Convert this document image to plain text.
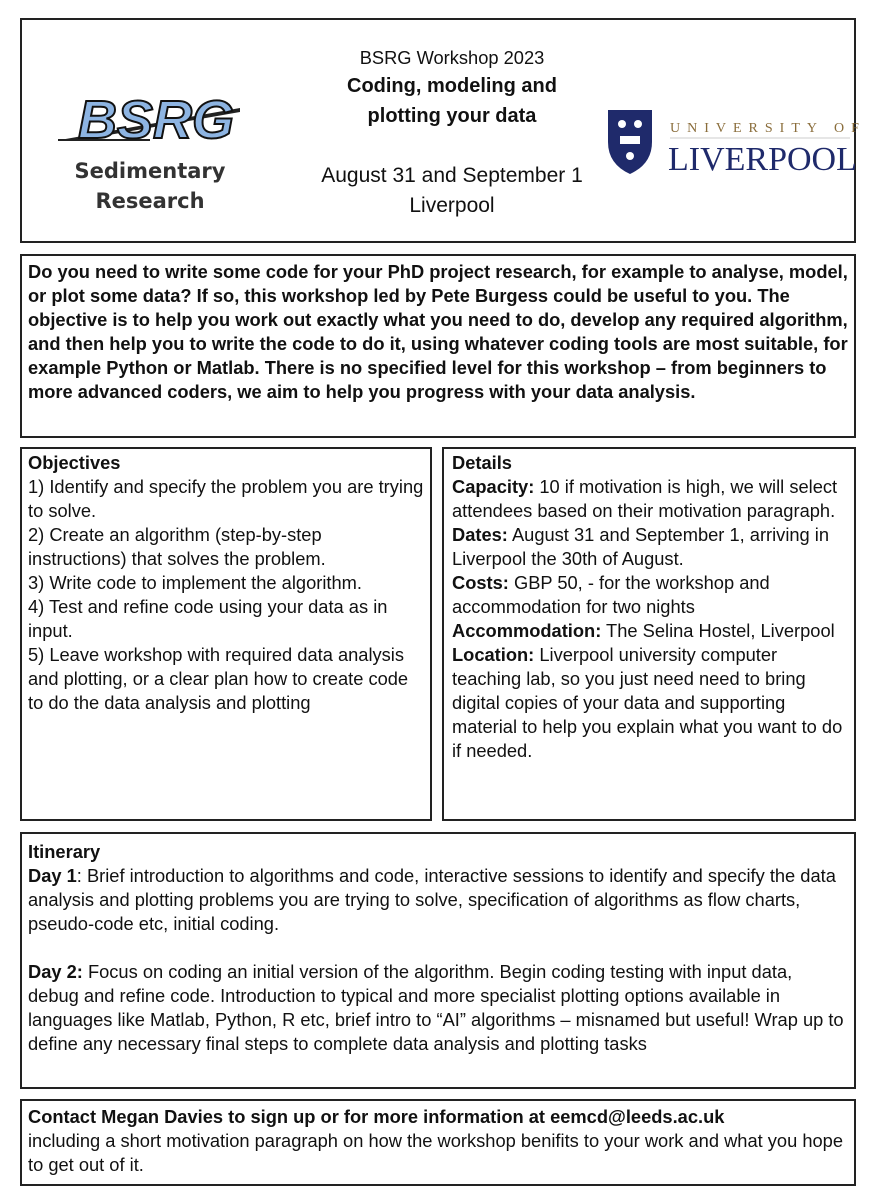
BSRG
Sedimentary
Research
BSRG Workshop 2023
Coding, modeling and
plotting your data
August 31 and September 1
Liverpool
UNIVERSITY OF
LIVERPOOL

Do you need to write some code for your PhD project research, for example to analyse, model, or plot some data? If so, this workshop led by Pete Burgess could be useful to you. The objective is to help you work out exactly what you need to do, develop any required algorithm, and then help you to write the code to do it, using whatever coding tools are most suitable, for example Python or Matlab. There is no specified level for this workshop – from beginners to more advanced coders, we aim to help you progress with your data analysis.

Objectives

1) Identify and specify the problem you are trying to solve.

2) Create an algorithm (step-by-step instructions) that solves the problem.

3) Write code to implement the algorithm.

4) Test and refine code using your data as in input.

5) Leave workshop with required data analysis and plotting, or a clear plan how to create code to do the data analysis and plotting

Details

Capacity: 10 if motivation is high, we will select attendees based on their motivation paragraph.

Dates: August 31 and September 1, arriving in Liverpool the 30th of August.

Costs: GBP 50, - for the workshop and accommodation for two nights

Accommodation: The Selina Hostel, Liverpool

Location: Liverpool university computer teaching lab, so you just need need to bring digital copies of your data and supporting material to help you explain what you want to do if needed.

Itinerary

Day 1: Brief introduction to algorithms and code, interactive sessions to identify and specify the data analysis and plotting problems you are trying to solve, specification of algorithms as flow charts, pseudo-code etc, initial coding.

Day 2: Focus on coding an initial version of the algorithm. Begin coding testing with input data, debug and refine code. Introduction to typical and more specialist plotting options available in languages like Matlab, Python, R etc, brief intro to “AI” algorithms – misnamed but useful! Wrap up to define any necessary final steps to complete data analysis and plotting tasks

Contact Megan Davies to sign up or for more information at eemcd@leeds.ac.uk

including a short motivation paragraph on how the workshop benifits to your work and what you hope to get out of it.
